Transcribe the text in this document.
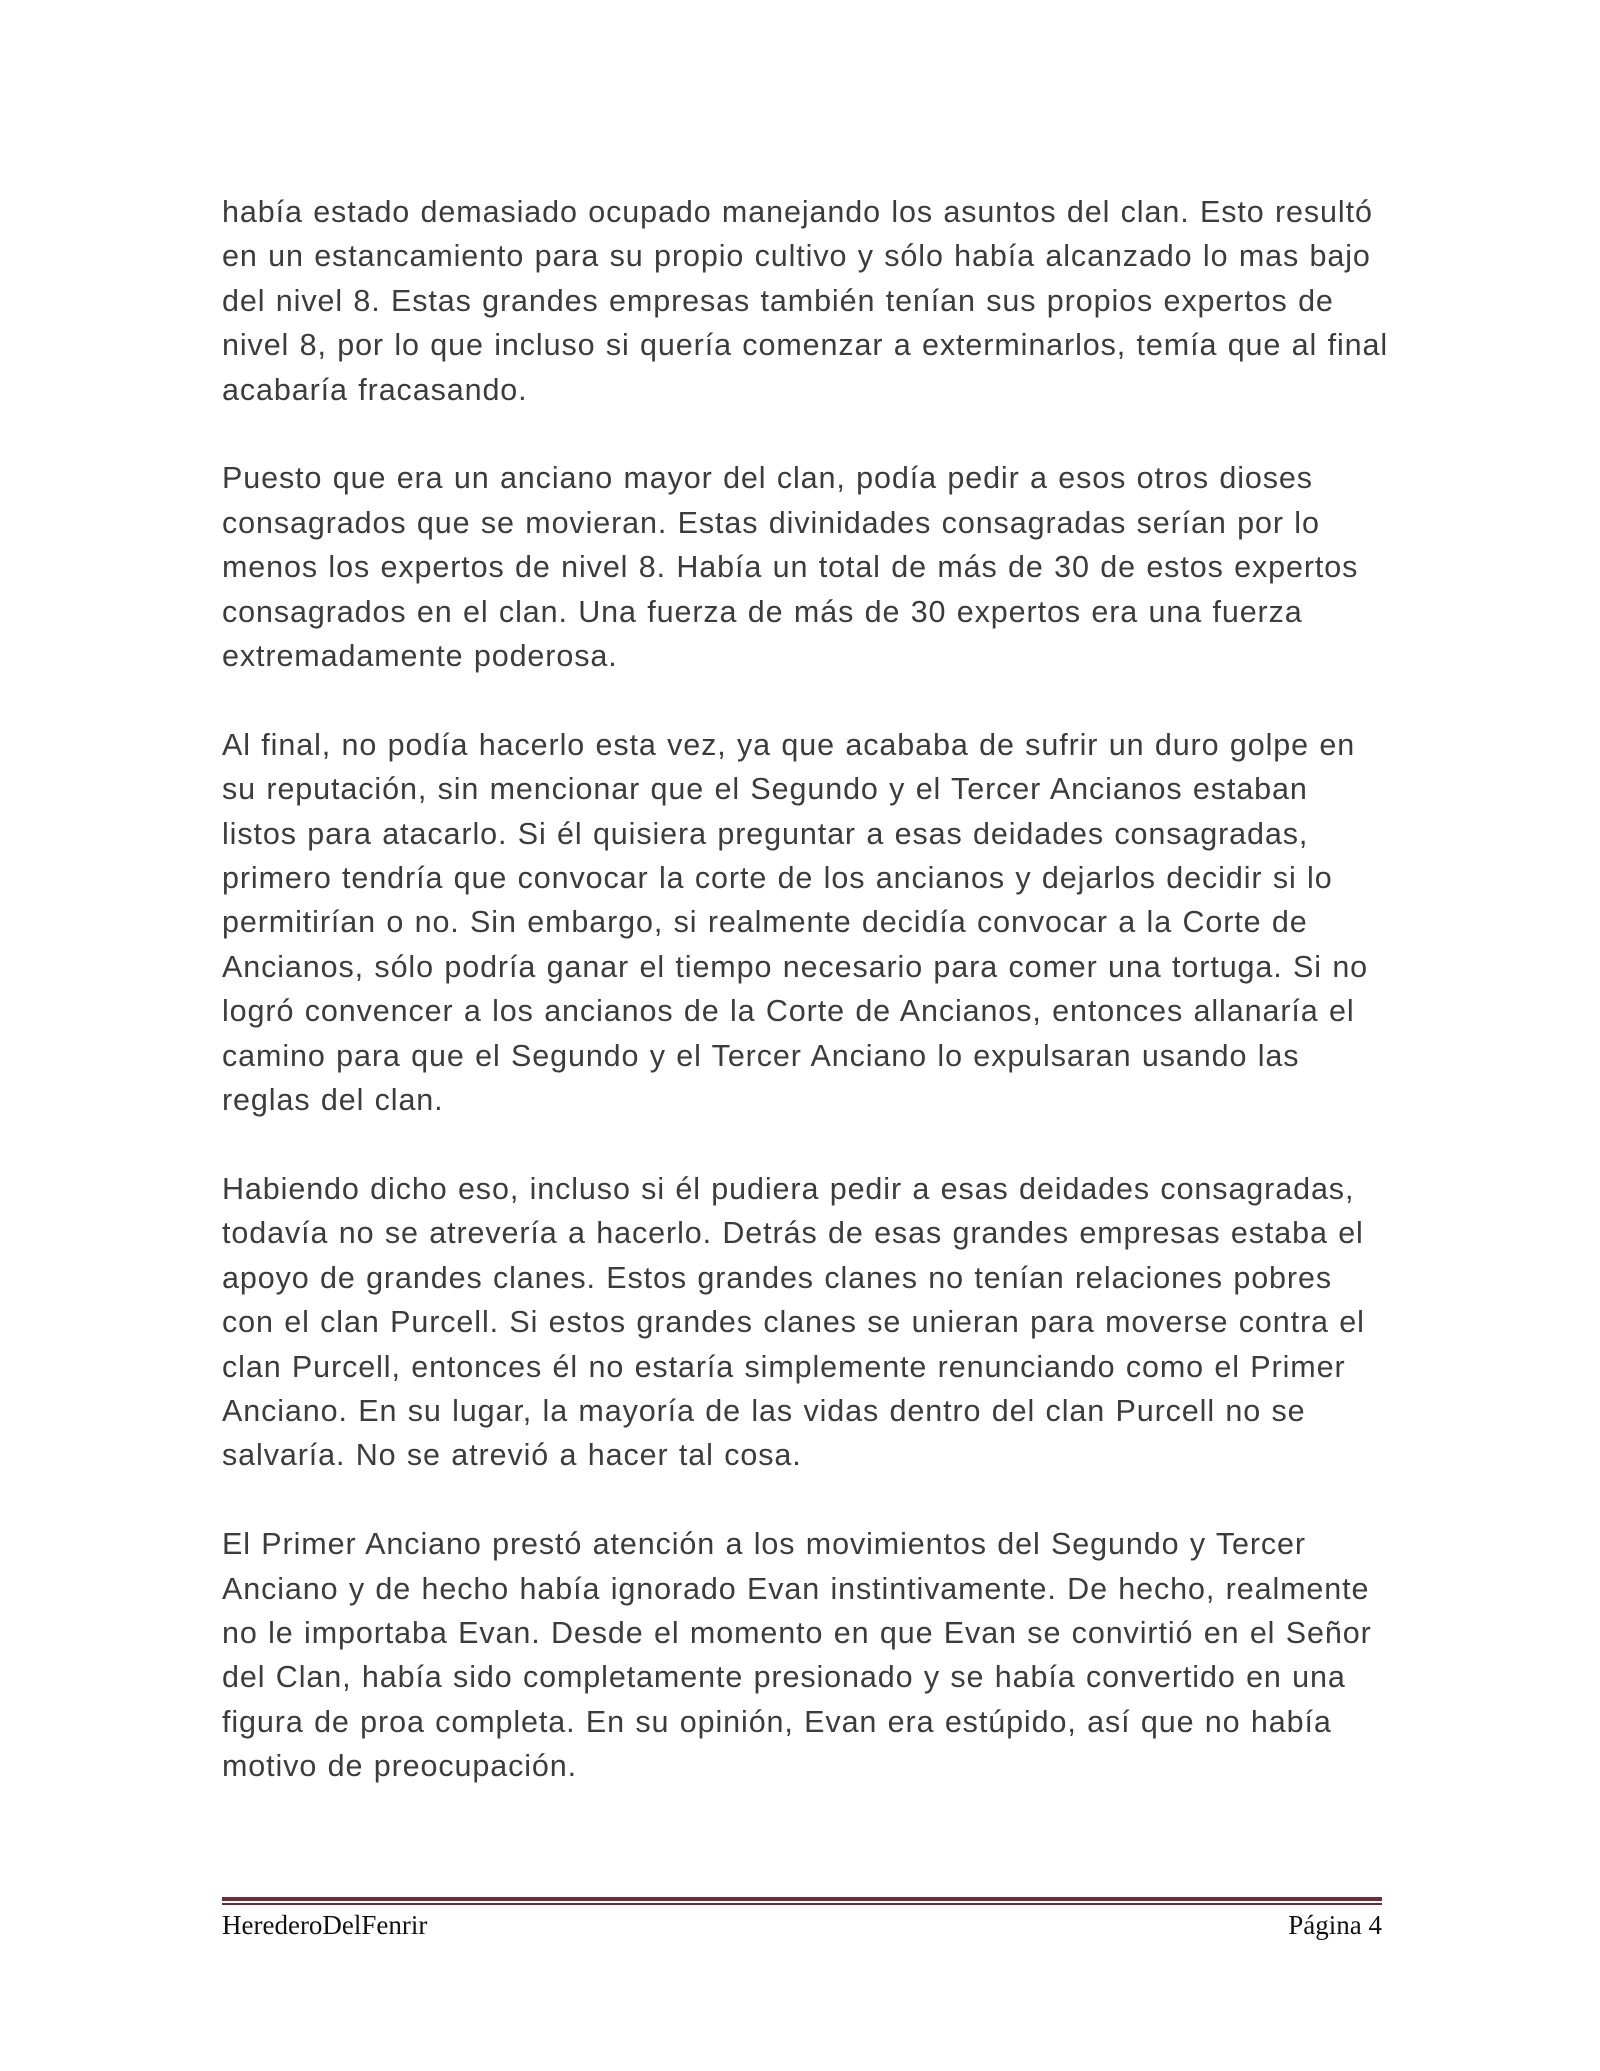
había estado demasiado ocupado manejando los asuntos del clan. Esto resultó en un estancamiento para su propio cultivo y sólo había alcanzado lo mas bajo del nivel 8. Estas grandes empresas también tenían sus propios expertos de nivel 8, por lo que incluso si quería comenzar a exterminarlos, temía que al final acabaría fracasando.

Puesto que era un anciano mayor del clan, podía pedir a esos otros dioses consagrados que se movieran. Estas divinidades consagradas serían por lo menos los expertos de nivel 8. Había un total de más de 30 de estos expertos consagrados en el clan. Una fuerza de más de 30 expertos era una fuerza extremadamente poderosa.

Al final, no podía hacerlo esta vez, ya que acababa de sufrir un duro golpe en su reputación, sin mencionar que el Segundo y el Tercer Ancianos estaban listos para atacarlo. Si él quisiera preguntar a esas deidades consagradas, primero tendría que convocar la corte de los ancianos y dejarlos decidir si lo permitirían o no. Sin embargo, si realmente decidía convocar a la Corte de Ancianos, sólo podría ganar el tiempo necesario para comer una tortuga. Si no logró convencer a los ancianos de la Corte de Ancianos, entonces allanaría el camino para que el Segundo y el Tercer Anciano lo expulsaran usando las reglas del clan.

Habiendo dicho eso, incluso si él pudiera pedir a esas deidades consagradas, todavía no se atrevería a hacerlo. Detrás de esas grandes empresas estaba el apoyo de grandes clanes. Estos grandes clanes no tenían relaciones pobres con el clan Purcell. Si estos grandes clanes se unieran para moverse contra el clan Purcell, entonces él no estaría simplemente renunciando como el Primer Anciano. En su lugar, la mayoría de las vidas dentro del clan Purcell no se salvaría. No se atrevió a hacer tal cosa.

El Primer Anciano prestó atención a los movimientos del Segundo y Tercer Anciano y de hecho había ignorado Evan instintivamente. De hecho, realmente no le importaba Evan. Desde el momento en que Evan se convirtió en el Señor del Clan, había sido completamente presionado y se había convertido en una figura de proa completa. En su opinión, Evan era estúpido, así que no había motivo de preocupación.

HerederoDelFenrir	Página 4
